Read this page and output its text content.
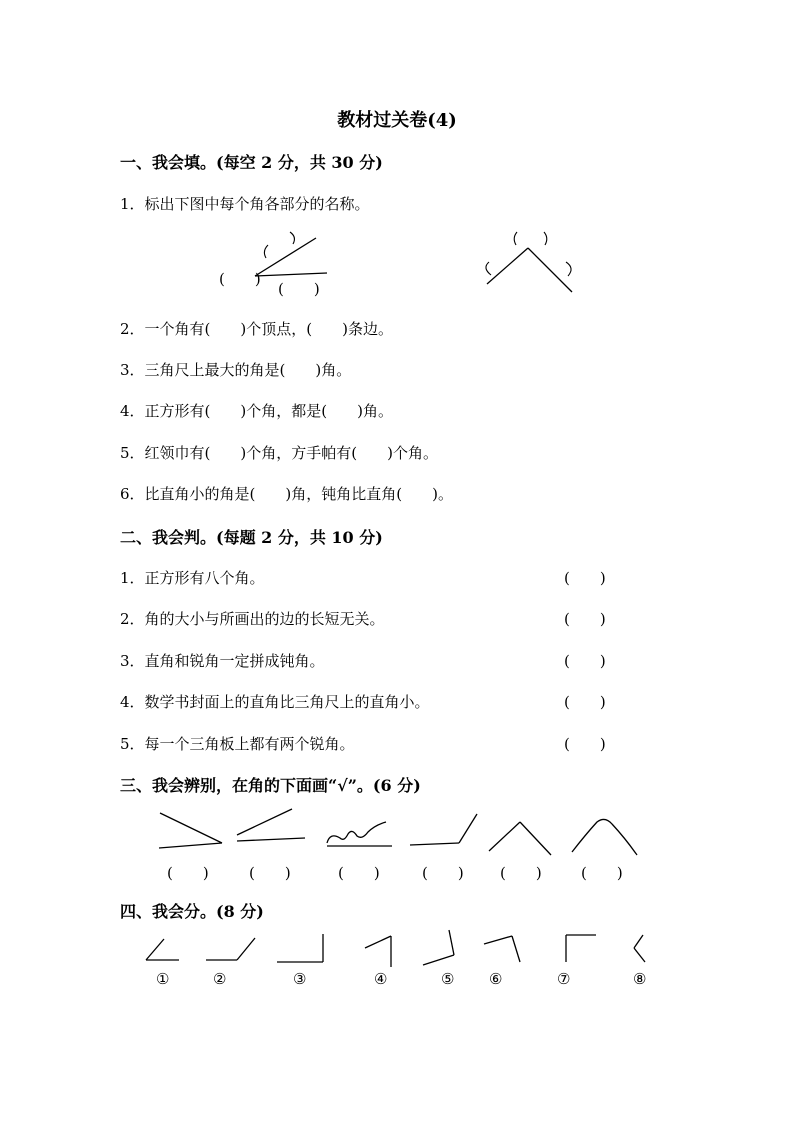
教材过关卷(4)
一、我会填。(每空 2 分，共 30 分)
1．标出下图中每个角各部分的名称。
(　　)
(　　)
2．一个角有(　　)个顶点，(　　)条边。
3．三角尺上最大的角是(　　)角。
4．正方形有(　　)个角，都是(　　)角。
5．红领巾有(　　)个角，方手帕有(　　)个角。
6．比直角小的角是(　　)角，钝角比直角(　　)。
二、我会判。(每题 2 分，共 10 分)
1．正方形有八个角。	(　　)
2．角的大小与所画出的边的长短无关。	(　　)
3．直角和锐角一定拼成钝角。	(　　)
4．数学书封面上的直角比三角尺上的直角小。	(　　)
5．每一个三角板上都有两个锐角。	(　　)
三、我会辨别，在角的下面画“√”。(6 分)
(　　)	(　　)	(　　)	(　　) (　　)	(　　)
四、我会分。(8 分)
①	②	③	④	⑤ ⑥	⑦	⑧
